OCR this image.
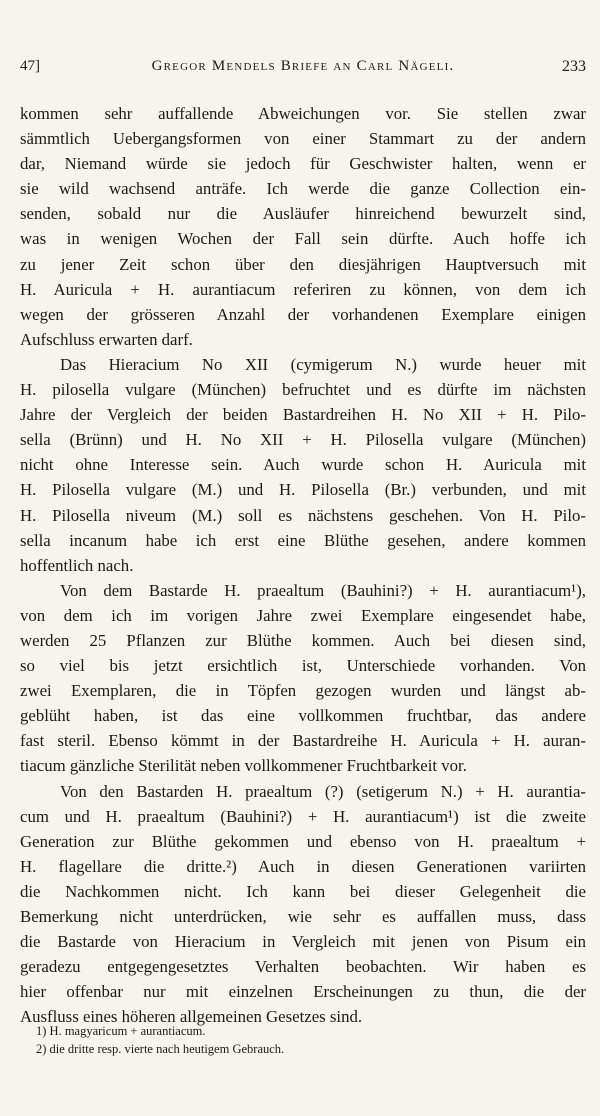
47]	Gregor Mendels Briefe an Carl Nägeli.	233
kommen sehr auffallende Abweichungen vor. Sie stellen zwar
sämmtlich Uebergangsformen von einer Stammart zu der andern
dar, Niemand würde sie jedoch für Geschwister halten, wenn er
sie wild wachsend anträfe. Ich werde die ganze Collection ein-
senden, sobald nur die Ausläufer hinreichend bewurzelt sind,
was in wenigen Wochen der Fall sein dürfte. Auch hoffe ich
zu jener Zeit schon über den diesjährigen Hauptversuch mit
H. Auricula + H. aurantiacum referiren zu können, von dem ich
wegen der grösseren Anzahl der vorhandenen Exemplare einigen
Aufschluss erwarten darf.
Das Hieracium No XII (cymigerum N.) wurde heuer mit
H. pilosella vulgare (München) befruchtet und es dürfte im nächsten
Jahre der Vergleich der beiden Bastardreihen H. No XII + H. Pilo-
sella (Brünn) und H. No XII + H. Pilosella vulgare (München)
nicht ohne Interesse sein. Auch wurde schon H. Auricula mit
H. Pilosella vulgare (M.) und H. Pilosella (Br.) verbunden, und mit
H. Pilosella niveum (M.) soll es nächstens geschehen. Von H. Pilo-
sella incanum habe ich erst eine Blüthe gesehen, andere kommen
hoffentlich nach.
Von dem Bastarde H. praealtum (Bauhini?) + H. aurantiacum¹),
von dem ich im vorigen Jahre zwei Exemplare eingesendet habe,
werden 25 Pflanzen zur Blüthe kommen. Auch bei diesen sind,
so viel bis jetzt ersichtlich ist, Unterschiede vorhanden. Von
zwei Exemplaren, die in Töpfen gezogen wurden und längst ab-
geblüht haben, ist das eine vollkommen fruchtbar, das andere
fast steril. Ebenso kömmt in der Bastardreihe H. Auricula + H. auran-
tiacum gänzliche Sterilität neben vollkommener Fruchtbarkeit vor.
Von den Bastarden H. praealtum (?) (setigerum N.) + H. aurantia-
cum und H. praealtum (Bauhini?) + H. aurantiacum¹) ist die zweite
Generation zur Blüthe gekommen und ebenso von H. praealtum +
H. flagellare die dritte.²) Auch in diesen Generationen variirten
die Nachkommen nicht. Ich kann bei dieser Gelegenheit die
Bemerkung nicht unterdrücken, wie sehr es auffallen muss, dass
die Bastarde von Hieracium in Vergleich mit jenen von Pisum ein
geradezu entgegengesetztes Verhalten beobachten. Wir haben es
hier offenbar nur mit einzelnen Erscheinungen zu thun, die der
Ausfluss eines höheren allgemeinen Gesetzes sind.
1) H. magyaricum + aurantiacum.
2) die dritte resp. vierte nach heutigem Gebrauch.
